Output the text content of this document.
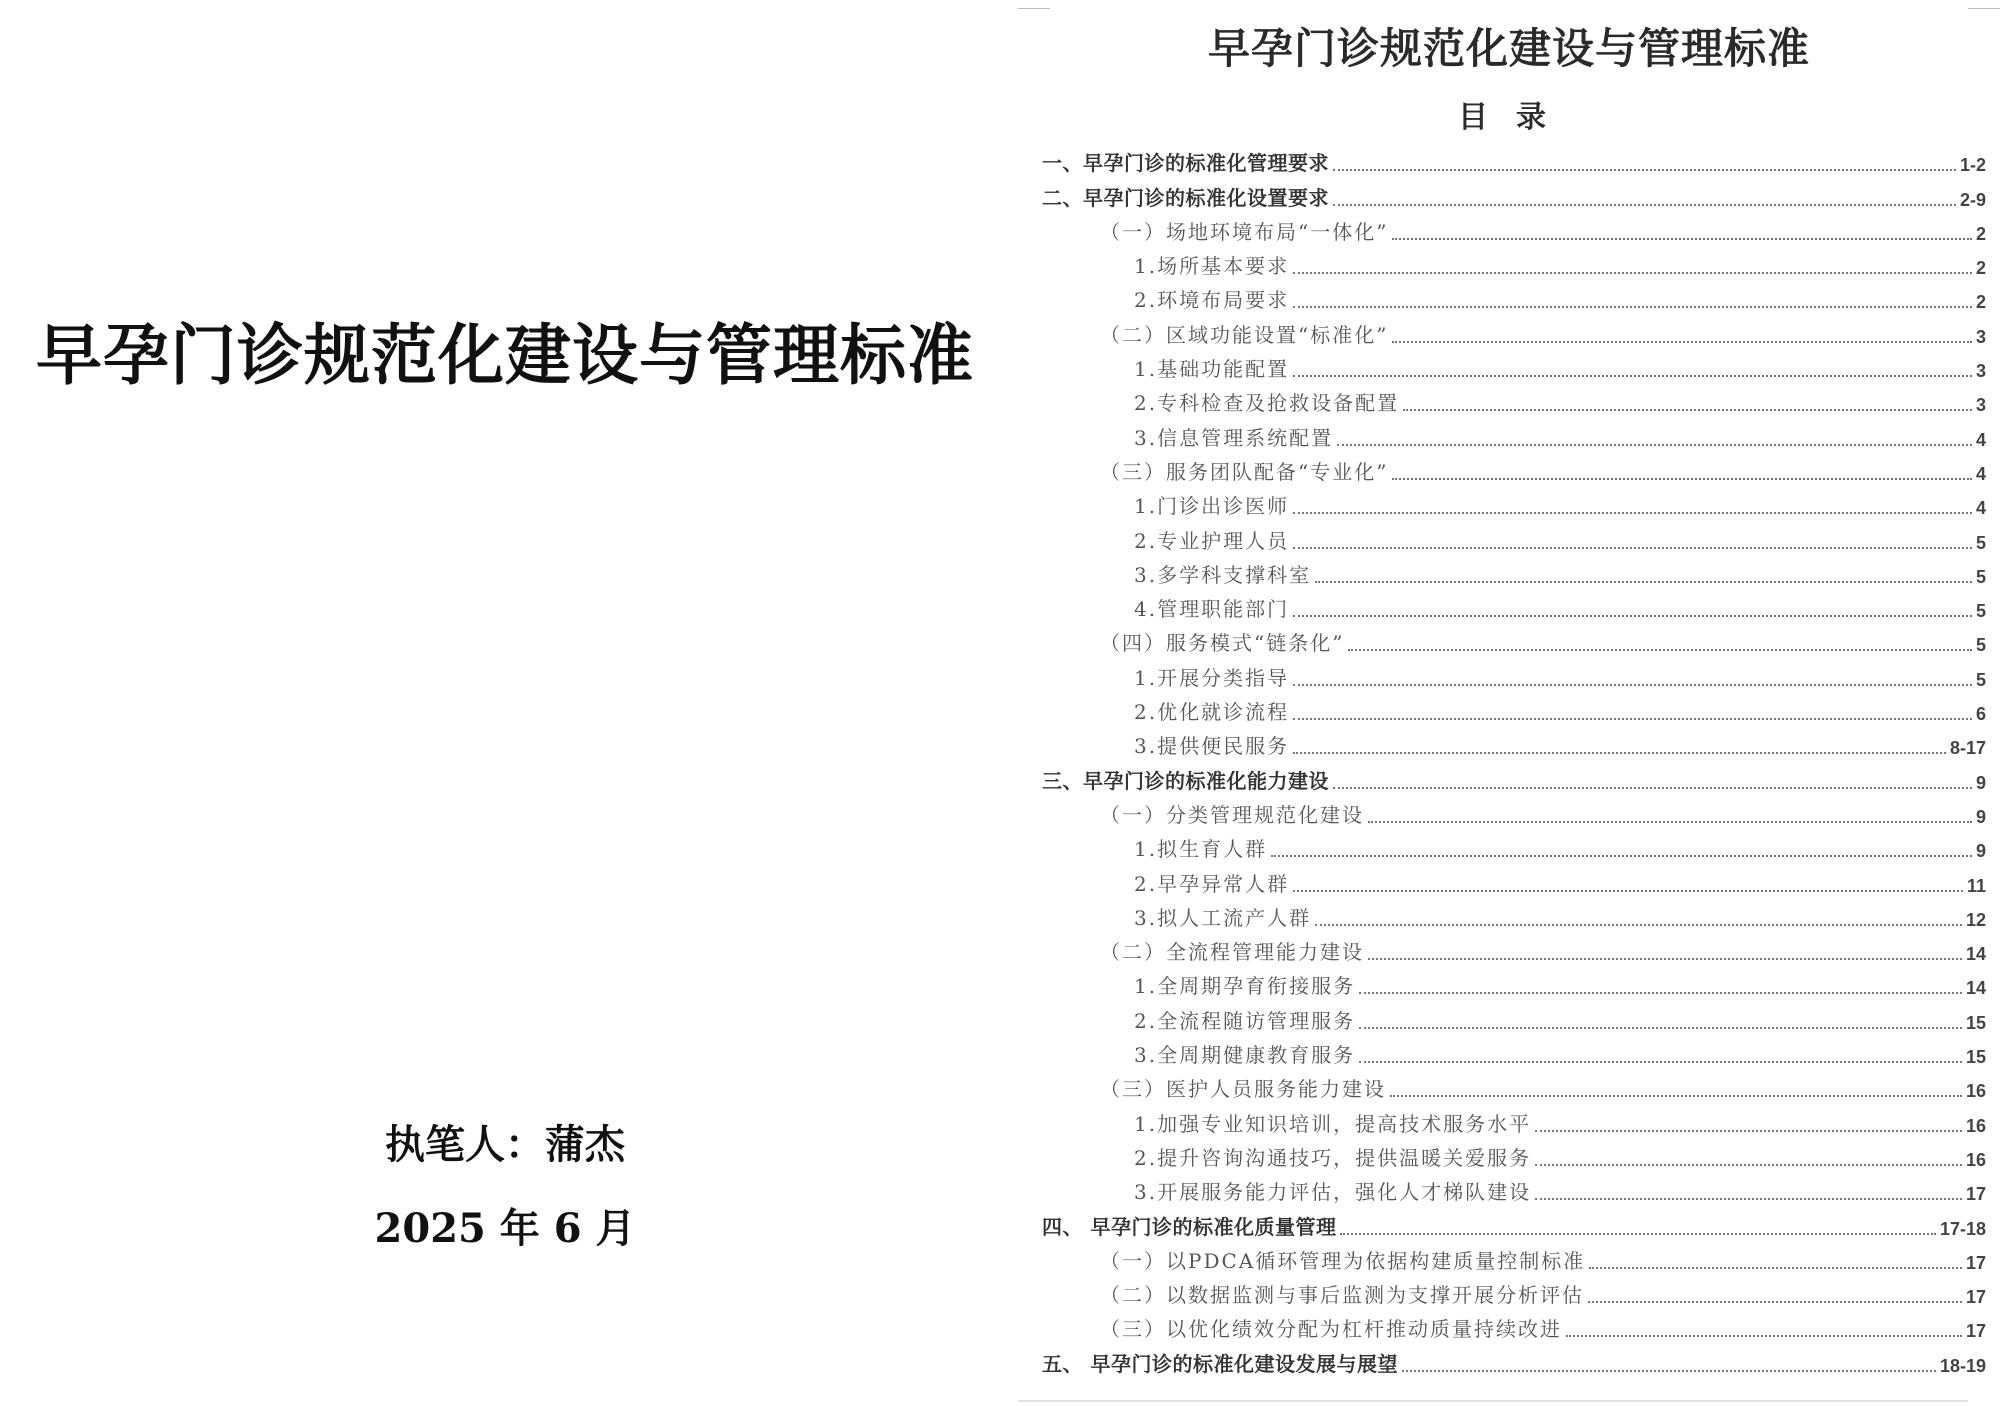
早孕门诊规范化建设与管理标准
执笔人：蒲杰
2025 年 6 月
早孕门诊规范化建设与管理标准
目录
一、早孕门诊的标准化管理要求	1-2
二、早孕门诊的标准化设置要求	2-9
（一）场地环境布局“一体化”	2
1.场所基本要求	2
2.环境布局要求	2
（二）区域功能设置“标准化”	3
1.基础功能配置	3
2.专科检查及抢救设备配置	3
3.信息管理系统配置	4
（三）服务团队配备“专业化”	4
1.门诊出诊医师	4
2.专业护理人员	5
3.多学科支撑科室	5
4.管理职能部门	5
（四）服务模式“链条化”	5
1.开展分类指导	5
2.优化就诊流程	6
3.提供便民服务	8-17
三、早孕门诊的标准化能力建设	9
（一）分类管理规范化建设	9
1.拟生育人群	9
2.早孕异常人群	11
3.拟人工流产人群	12
（二）全流程管理能力建设	14
1.全周期孕育衔接服务	14
2.全流程随访管理服务	15
3.全周期健康教育服务	15
（三）医护人员服务能力建设	16
1.加强专业知识培训，提高技术服务水平	16
2.提升咨询沟通技巧，提供温暖关爱服务	16
3.开展服务能力评估，强化人才梯队建设	17
四、 早孕门诊的标准化质量管理	17-18
（一）以PDCA循环管理为依据构建质量控制标准	17
（二）以数据监测与事后监测为支撑开展分析评估	17
（三）以优化绩效分配为杠杆推动质量持续改进	17
五、 早孕门诊的标准化建设发展与展望	18-19
